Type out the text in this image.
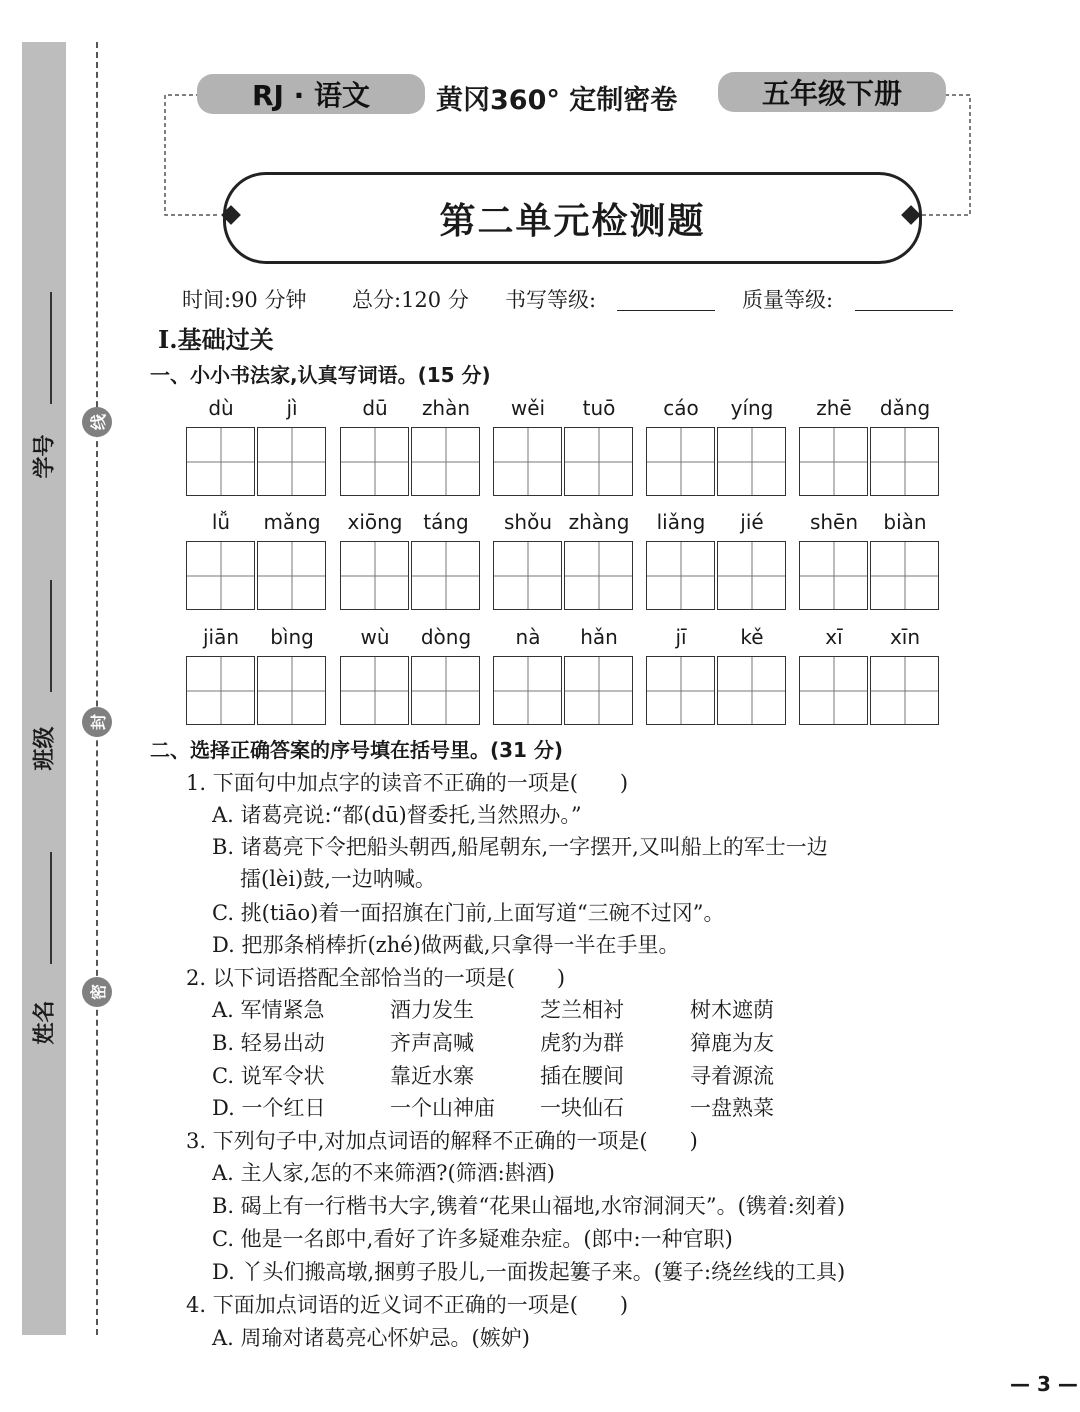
学号
班级
姓名
线
封
密
RJ · 语文	黄冈360° 定制密卷	五年级下册
第二单元检测题
时间:90 分钟 总分:120 分 书写等级:	质量等级:
Ⅰ.基础过关
一、小小书法家,认真写词语。(15 分)
dù	jì	dū	zhàn	wěi	tuō	cáo	yíng	zhē	dǎng
lǚ	mǎng	xiōng	táng	shǒu zhàng	liǎng	jié	shēn	biàn
jiān	bìng	wù	dòng	nà	hǎn	jī	kě	xī	xīn
二、选择正确答案的序号填在括号里。(31 分)
1. 下面句中加点字的读音不正确的一项是(　　)
A. 诸葛亮说:“都(dū)督委托,当然照办。”
B. 诸葛亮下令把船头朝西,船尾朝东,一字摆开,又叫船上的军士一边
擂(lèi)鼓,一边呐喊。
C. 挑(tiāo)着一面招旗在门前,上面写道“三碗不过冈”。
D. 把那条梢棒折(zhé)做两截,只拿得一半在手里。
2. 以下词语搭配全部恰当的一项是(　　)
A. 军情紧急	酒力发生	芝兰相衬	树木遮荫
B. 轻易出动	齐声高喊	虎豹为群	獐鹿为友
C. 说军令状	靠近水寨	插在腰间	寻着源流
D. 一个红日	一个山神庙 一块仙石	一盘熟菜
3. 下列句子中,对加点词语的解释不正确的一项是(　　)
A. 主人家,怎的不来筛酒?(筛酒:斟酒)
B. 碣上有一行楷书大字,镌着“花果山福地,水帘洞洞天”。(镌着:刻着)
C. 他是一名郎中,看好了许多疑难杂症。(郎中:一种官职)
D. 丫头们搬高墩,捆剪子股儿,一面拨起簍子来。(簍子:绕丝线的工具)
4. 下面加点词语的近义词不正确的一项是(　　)
A. 周瑜对诸葛亮心怀妒忌。(嫉妒)
— 3 —
